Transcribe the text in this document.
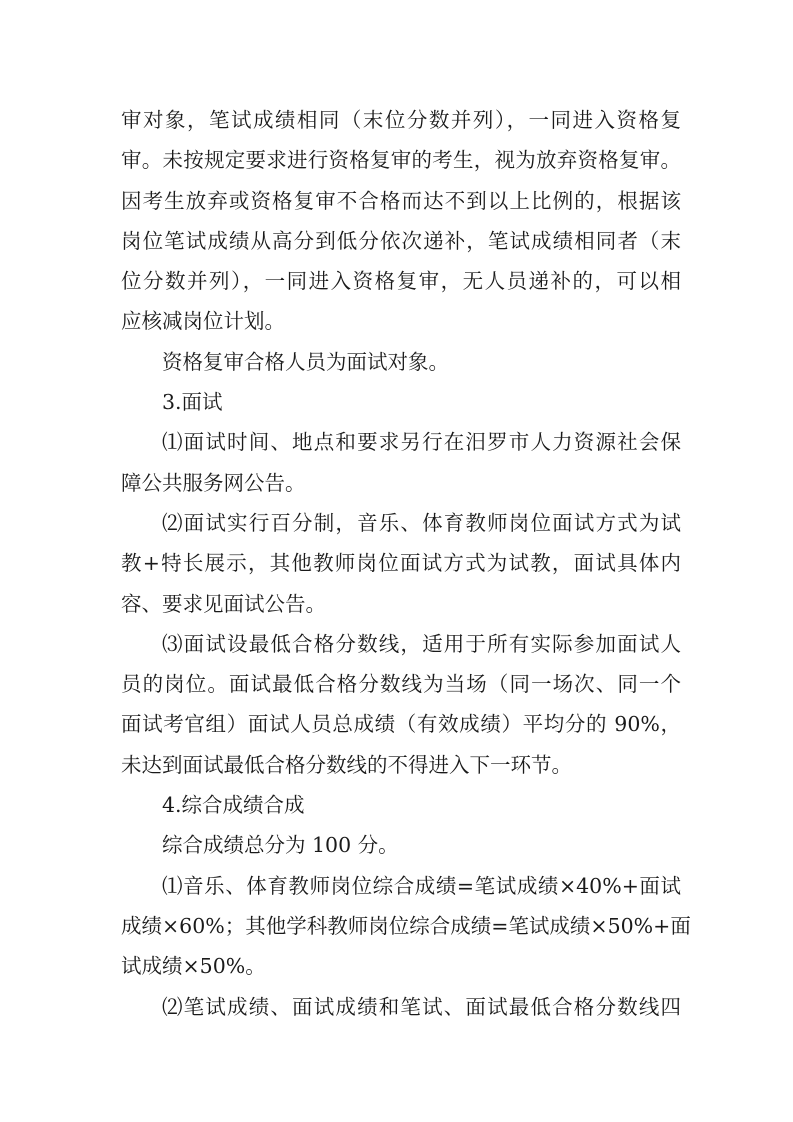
审对象，笔试成绩相同（末位分数并列），一同进入资格复
审。未按规定要求进行资格复审的考生，视为放弃资格复审。
因考生放弃或资格复审不合格而达不到以上比例的，根据该
岗位笔试成绩从高分到低分依次递补，笔试成绩相同者（末
位分数并列），一同进入资格复审，无人员递补的，可以相
应核减岗位计划。
资格复审合格人员为面试对象。
3.面试
⑴面试时间、地点和要求另行在汨罗市人力资源社会保
障公共服务网公告。
⑵面试实行百分制，音乐、体育教师岗位面试方式为试
教+特长展示，其他教师岗位面试方式为试教，面试具体内
容、要求见面试公告。
⑶面试设最低合格分数线，适用于所有实际参加面试人
员的岗位。面试最低合格分数线为当场（同一场次、同一个
面试考官组）面试人员总成绩（有效成绩）平均分的 90%，
未达到面试最低合格分数线的不得进入下一环节。
4.综合成绩合成
综合成绩总分为 100 分。
⑴音乐、体育教师岗位综合成绩=笔试成绩×40%+面试
成绩×60%；其他学科教师岗位综合成绩=笔试成绩×50%+面
试成绩×50%。
⑵笔试成绩、面试成绩和笔试、面试最低合格分数线四
